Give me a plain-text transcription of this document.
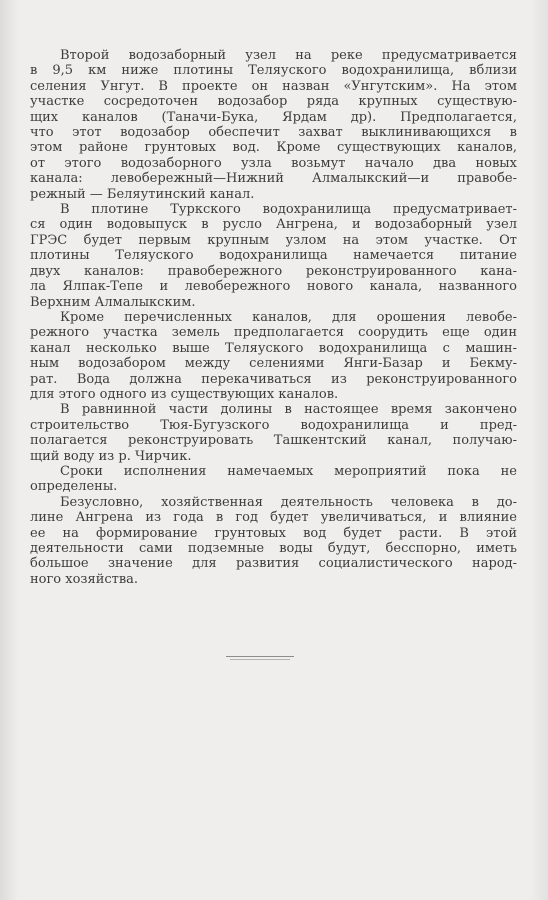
Второй водозаборный узел на реке предусматривается
в 9,5 км ниже плотины Теляуского водохранилища, вблизи
селения Унгут. В проекте он назван «Унгутским». На этом
участке сосредоточен водозабор ряда крупных существую-
щих каналов (Таначи-Бука, Ярдам др). Предполагается,
что этот водозабор обеспечит захват выклинивающихся в
этом районе грунтовых вод. Кроме существующих каналов,
от этого водозаборного узла возьмут начало два новых
канала: левобережный—Нижний Алмалыкский—и правобе-
режный — Беляутинский канал.
В плотине Туркского водохранилища предусматривает-
ся один водовыпуск в русло Ангрена, и водозаборный узел
ГРЭС будет первым крупным узлом на этом участке. От
плотины Теляуского водохранилища намечается питание
двух каналов: правобережного реконструированного кана-
ла Ялпак-Тепе и левобережного нового канала, названного
Верхним Алмалыкским.
Кроме перечисленных каналов, для орошения левобе-
режного участка земель предполагается соорудить еще один
канал несколько выше Теляуского водохранилища с машин-
ным водозабором между селениями Янги-Базар и Бекму-
рат. Вода должна перекачиваться из реконструированного
для этого одного из существующих каналов.
В равнинной части долины в настоящее время закончено
строительство Тюя-Бугузского водохранилища и пред-
полагается реконструировать Ташкентский канал, получаю-
щий воду из р. Чирчик.
Сроки исполнения намечаемых мероприятий пока не
определены.
Безусловно, хозяйственная деятельность человека в до-
лине Ангрена из года в год будет увеличиваться, и влияние
ее на формирование грунтовых вод будет расти. В этой
деятельности сами подземные воды будут, бесспорно, иметь
большое значение для развития социалистического народ-
ного хозяйства.
